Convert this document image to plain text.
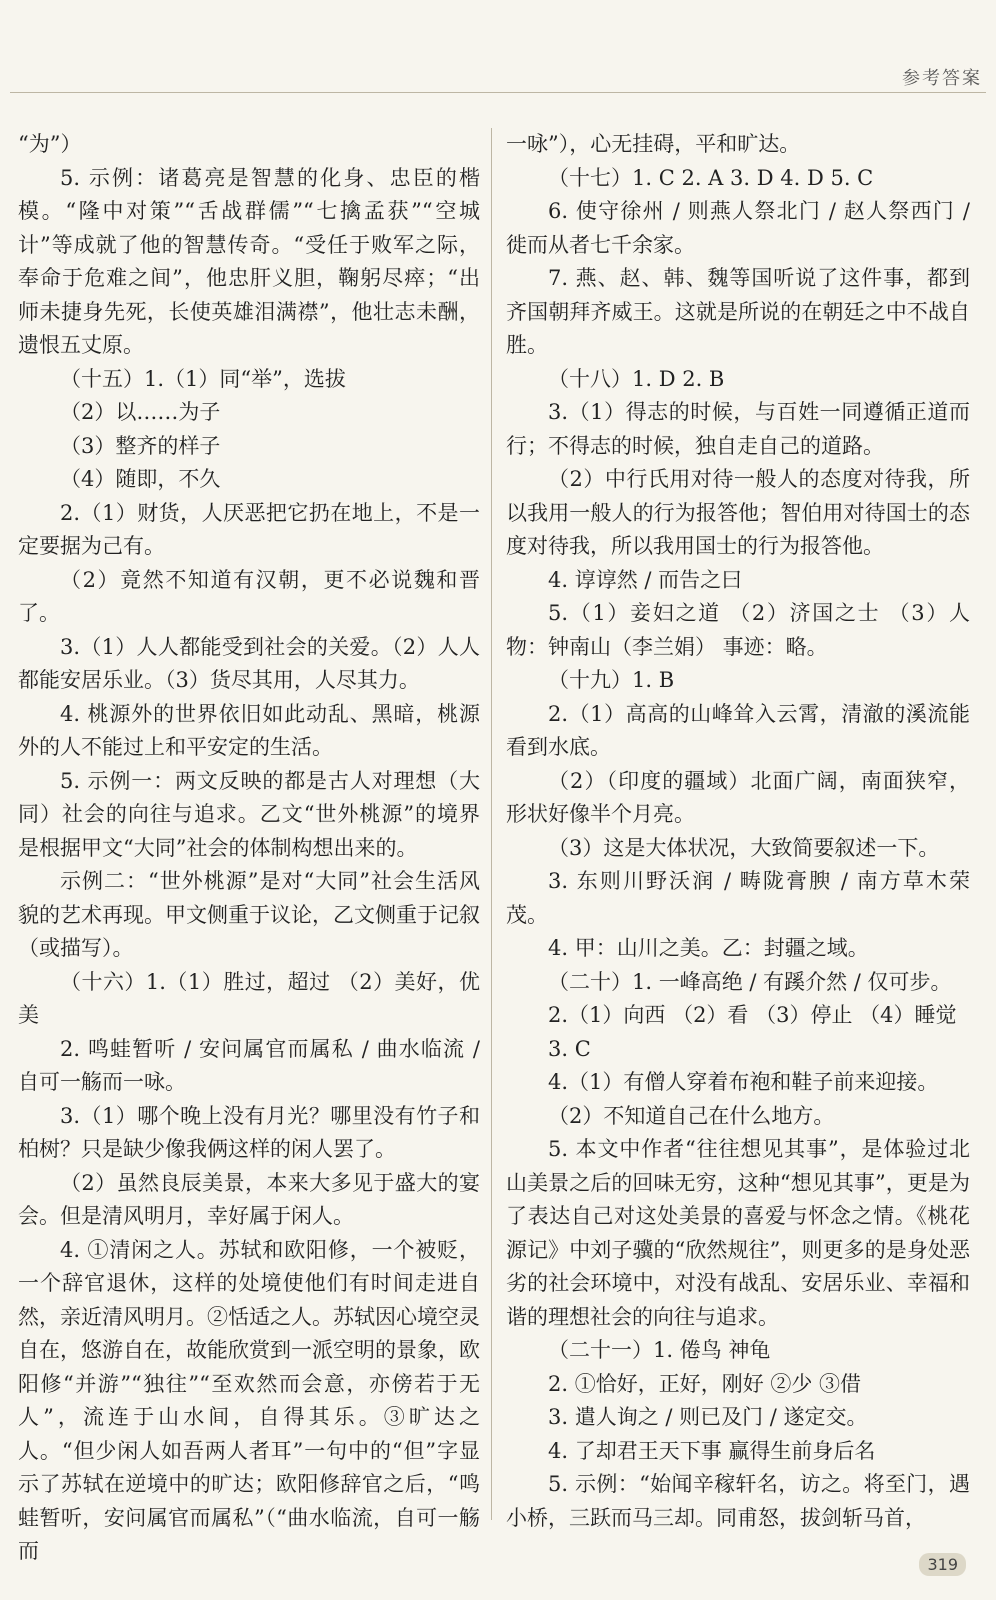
参考答案

“为”）

5. 示例：诸葛亮是智慧的化身、忠臣的楷模。“隆中对策”“舌战群儒”“七擒孟获”“空城计”等成就了他的智慧传奇。“受任于败军之际，奉命于危难之间”，他忠肝义胆，鞠躬尽瘁；“出师未捷身先死，长使英雄泪满襟”，他壮志未酬，遗恨五丈原。

（十五）1.（1）同“举”，选拔

（2）以……为子

（3）整齐的样子

（4）随即，不久

2.（1）财货，人厌恶把它扔在地上，不是一定要据为己有。

（2）竟然不知道有汉朝，更不必说魏和晋了。

3.（1）人人都能受到社会的关爱。（2）人人都能安居乐业。（3）货尽其用，人尽其力。

4. 桃源外的世界依旧如此动乱、黑暗，桃源外的人不能过上和平安定的生活。

5. 示例一：两文反映的都是古人对理想（大同）社会的向往与追求。乙文“世外桃源”的境界是根据甲文“大同”社会的体制构想出来的。

示例二：“世外桃源”是对“大同”社会生活风貌的艺术再现。甲文侧重于议论，乙文侧重于记叙（或描写）。

（十六）1.（1）胜过，超过 （2）美好，优美

2. 鸣蛙暂听 / 安问属官而属私 / 曲水临流 / 自可一觞而一咏。

3.（1）哪个晚上没有月光？哪里没有竹子和柏树？只是缺少像我俩这样的闲人罢了。

（2）虽然良辰美景，本来大多见于盛大的宴会。但是清风明月，幸好属于闲人。

4. ①清闲之人。苏轼和欧阳修，一个被贬，一个辞官退休，这样的处境使他们有时间走进自然，亲近清风明月。②恬适之人。苏轼因心境空灵自在，悠游自在，故能欣赏到一派空明的景象，欧阳修“并游”“独往”“至欢然而会意，亦傍若于无人”，流连于山水间，自得其乐。③旷达之人。“但少闲人如吾两人者耳”一句中的“但”字显示了苏轼在逆境中的旷达；欧阳修辞官之后，“鸣蛙暂听，安问属官而属私”（“曲水临流，自可一觞而

一咏”），心无挂碍，平和旷达。

（十七）1. C 2. A 3. D 4. D 5. C

6. 使守徐州 / 则燕人祭北门 / 赵人祭西门 / 徙而从者七千余家。

7. 燕、赵、韩、魏等国听说了这件事，都到齐国朝拜齐威王。这就是所说的在朝廷之中不战自胜。

（十八）1. D 2. B

3.（1）得志的时候，与百姓一同遵循正道而行；不得志的时候，独自走自己的道路。

（2）中行氏用对待一般人的态度对待我，所以我用一般人的行为报答他；智伯用对待国士的态度对待我，所以我用国士的行为报答他。

4. 谆谆然 / 而告之曰

5.（1）妾妇之道 （2）济国之士 （3）人物：钟南山（李兰娟） 事迹：略。

（十九）1. B

2.（1）高高的山峰耸入云霄，清澈的溪流能看到水底。

（2）（印度的疆域）北面广阔，南面狭窄，形状好像半个月亮。

（3）这是大体状况，大致简要叙述一下。

3. 东则川野沃润 / 畴陇膏腴 / 南方草木荣茂。

4. 甲：山川之美。乙：封疆之域。

（二十）1. 一峰高绝 / 有蹊介然 / 仅可步。

2.（1）向西 （2）看 （3）停止 （4）睡觉

3. C

4.（1）有僧人穿着布袍和鞋子前来迎接。

（2）不知道自己在什么地方。

5. 本文中作者“往往想见其事”，是体验过北山美景之后的回味无穷，这种“想见其事”，更是为了表达自己对这处美景的喜爱与怀念之情。《桃花源记》中刘子骥的“欣然规往”，则更多的是身处恶劣的社会环境中，对没有战乱、安居乐业、幸福和谐的理想社会的向往与追求。

（二十一）1. 倦鸟 神龟

2. ①恰好，正好，刚好 ②少 ③借

3. 遣人询之 / 则已及门 / 遂定交。

4. 了却君王天下事 赢得生前身后名

5. 示例：“始闻辛稼轩名，访之。将至门，遇小桥，三跃而马三却。同甫怒，拔剑斩马首，

319
